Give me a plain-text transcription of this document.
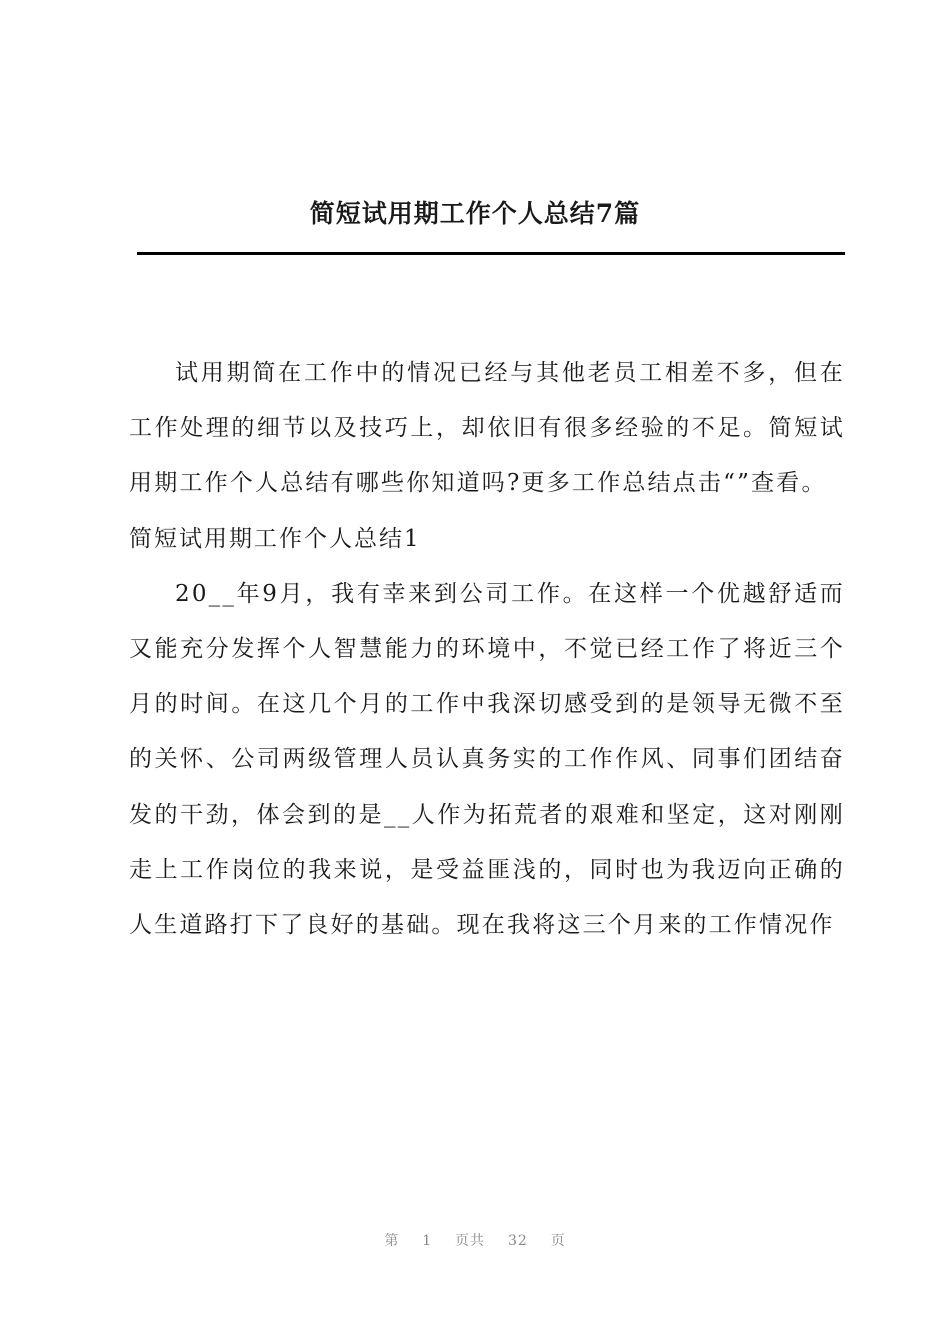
简短试用期工作个人总结7篇

试用期简在工作中的情况已经与其他老员工相差不多，但在工作处理的细节以及技巧上，却依旧有很多经验的不足。简短试用期工作个人总结有哪些你知道吗?更多工作总结点击“”查看。

简短试用期工作个人总结1

20__年9月，我有幸来到公司工作。在这样一个优越舒适而又能充分发挥个人智慧能力的环境中，不觉已经工作了将近三个月的时间。在这几个月的工作中我深切感受到的是领导无微不至的关怀、公司两级管理人员认真务实的工作作风、同事们团结奋发的干劲，体会到的是__人作为拓荒者的艰难和坚定，这对刚刚走上工作岗位的我来说，是受益匪浅的，同时也为我迈向正确的人生道路打下了良好的基础。现在我将这三个月来的工作情况作

第 1 页共 32 页
